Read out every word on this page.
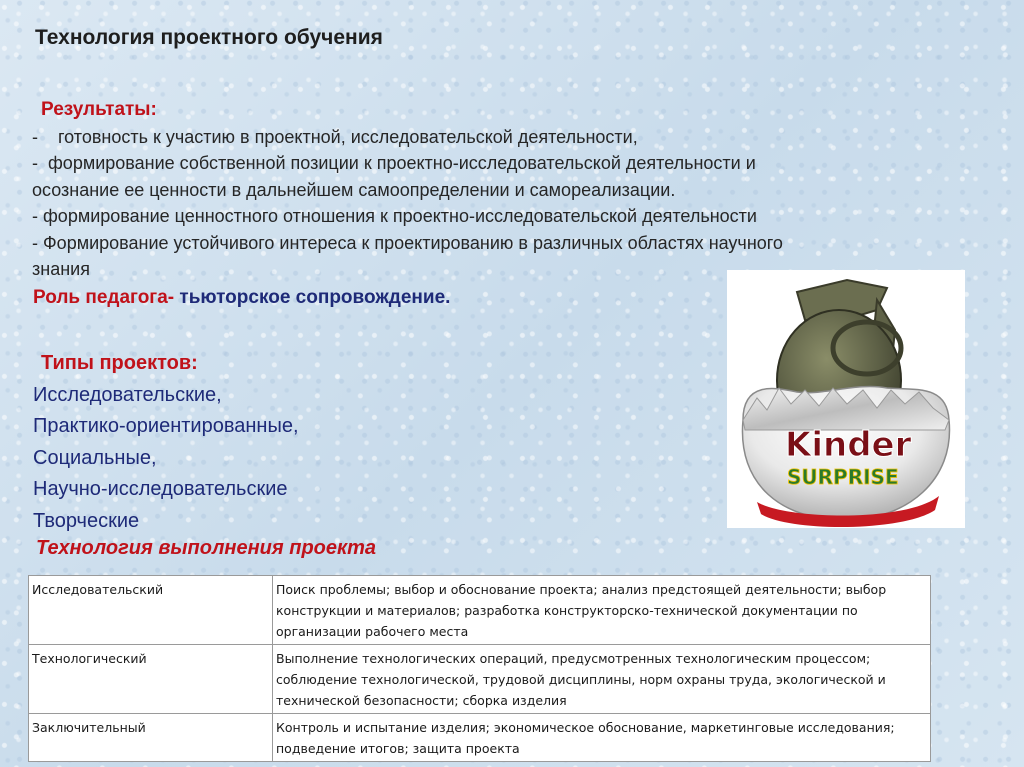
Технология проектного обучения
Результаты:
-    готовность к участию в проектной, исследовательской деятельности,
-  формирование собственной позиции к проектно-исследовательской деятельности и
осознание ее ценности в дальнейшем самоопределении и самореализации.
- формирование ценностного отношения к проектно-исследовательской деятельности
- Формирование устойчивого интереса к проектированию в различных областях научного
знания
Роль педагога- тьюторское сопровождение.
Типы проектов:
Исследовательские,
Практико-ориентированные,
Социальные,
Научно-исследовательские
Творческие
Технология выполнения проекта
Kinder
SURPRISE
Исследовательский	Поиск проблемы; выбор и обоснование проекта; анализ предстоящей деятельности; выбор конструкции и материалов; разработка конструкторско-технической документации по организации рабочего места
Технологический	Выполнение технологических операций, предусмотренных технологическим процессом; соблюдение технологической, трудовой дисциплины, норм охраны труда, экологической и технической безопасности; сборка изделия
Заключительный	Контроль и испытание изделия; экономическое обоснование, маркетинговые исследования; подведение итогов; защита проекта
